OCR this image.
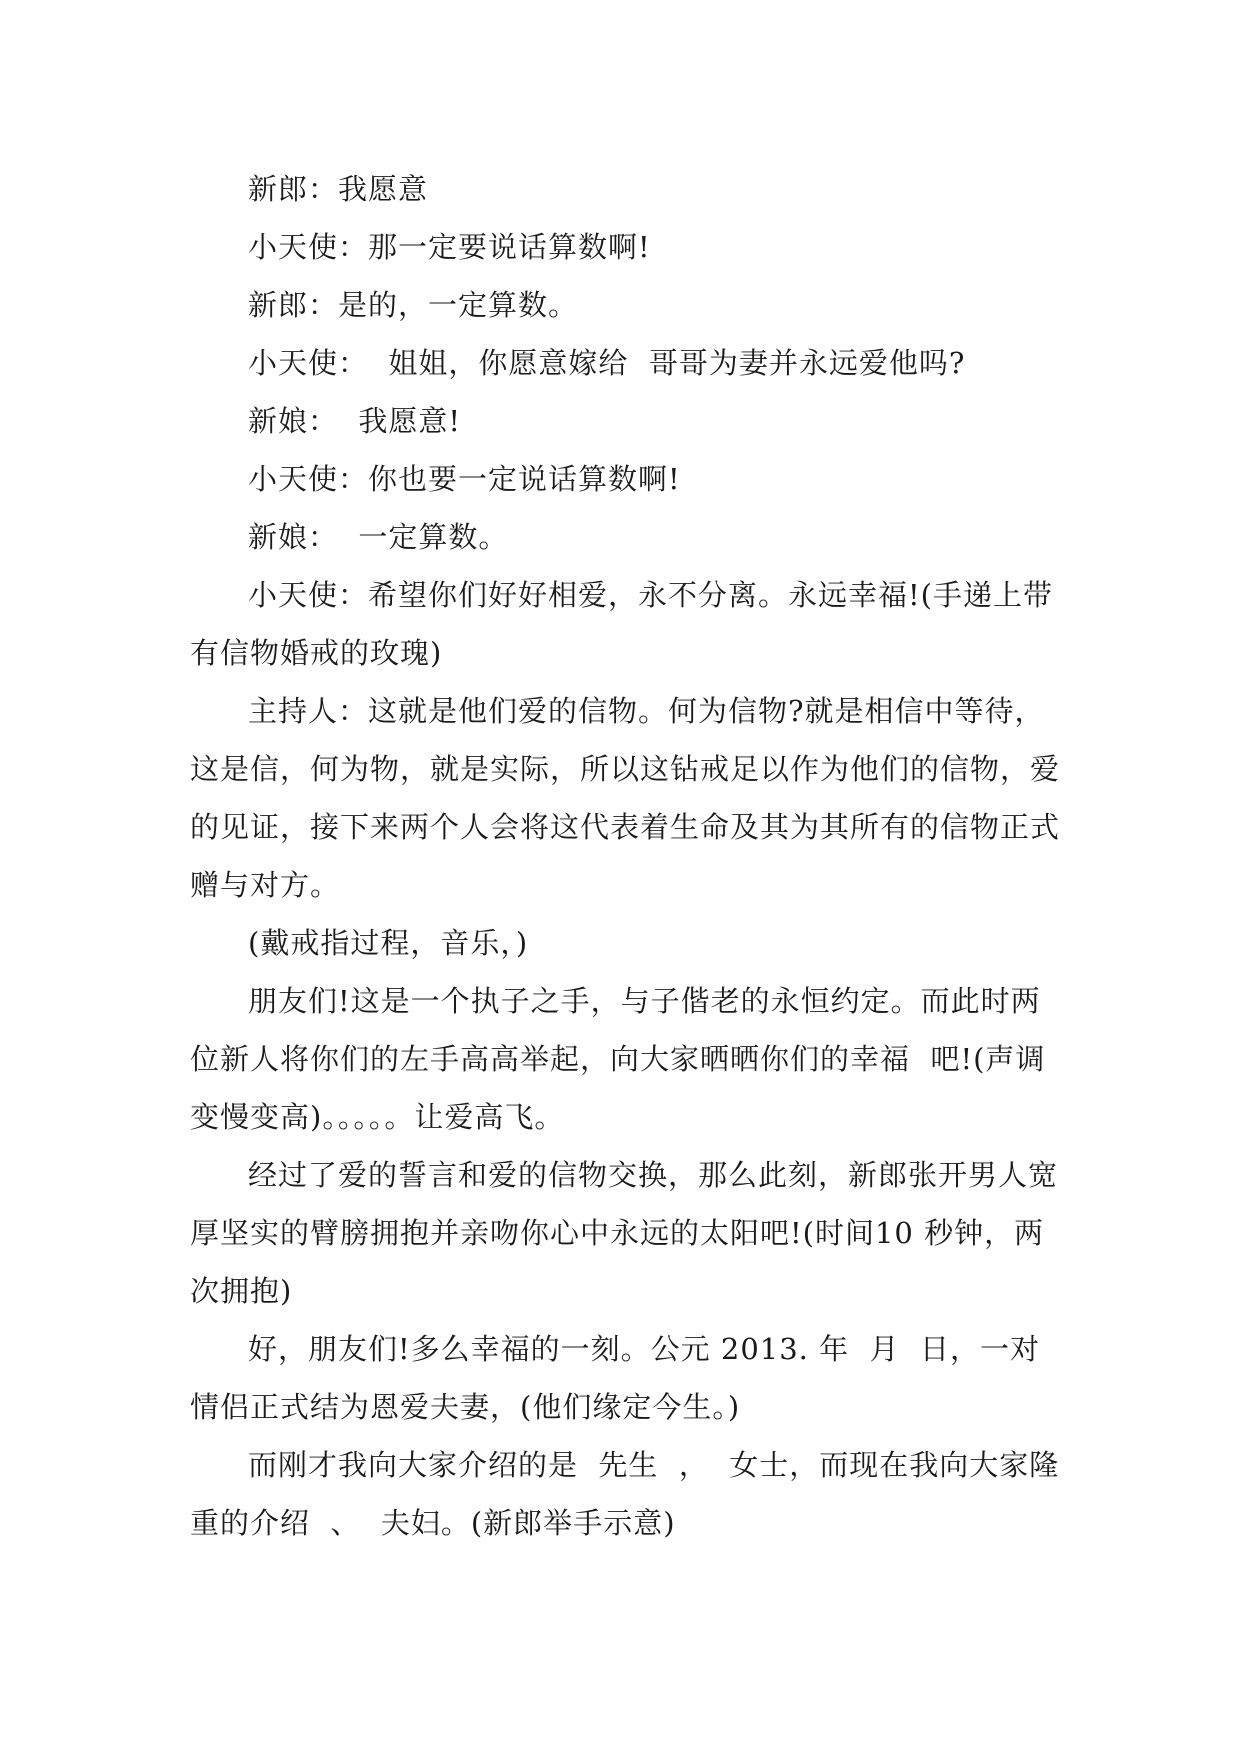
新郎：我愿意

小天使：那一定要说话算数啊!

新郎：是的，一定算数。

小天使：  姐姐，你愿意嫁给  哥哥为妻并永远爱他吗?

新娘：  我愿意!

小天使：你也要一定说话算数啊!

新娘：  一定算数。

小天使：希望你们好好相爱，永不分离。永远幸福!(手递上带有信物婚戒的玫瑰)

主持人：这就是他们爱的信物。何为信物?就是相信中等待，这是信，何为物，就是实际，所以这钻戒足以作为他们的信物，爱的见证，接下来两个人会将这代表着生命及其为其所有的信物正式赠与对方。

(戴戒指过程，音乐，)

朋友们!这是一个执子之手，与子偕老的永恒约定。而此时两位新人将你们的左手高高举起，向大家晒晒你们的幸福  吧!(声调变慢变高)。。。。。让爱高飞。

经过了爱的誓言和爱的信物交换，那么此刻，新郎张开男人宽厚坚实的臂膀拥抱并亲吻你心中永远的太阳吧!(时间10 秒钟，两次拥抱)

好，朋友们!多么幸福的一刻。公元 2013. 年  月  日，一对情侣正式结为恩爱夫妻，(他们缘定今生。)

而刚才我向大家介绍的是  先生  ，  女士，而现在我向大家隆重的介绍  、  夫妇。(新郎举手示意)
